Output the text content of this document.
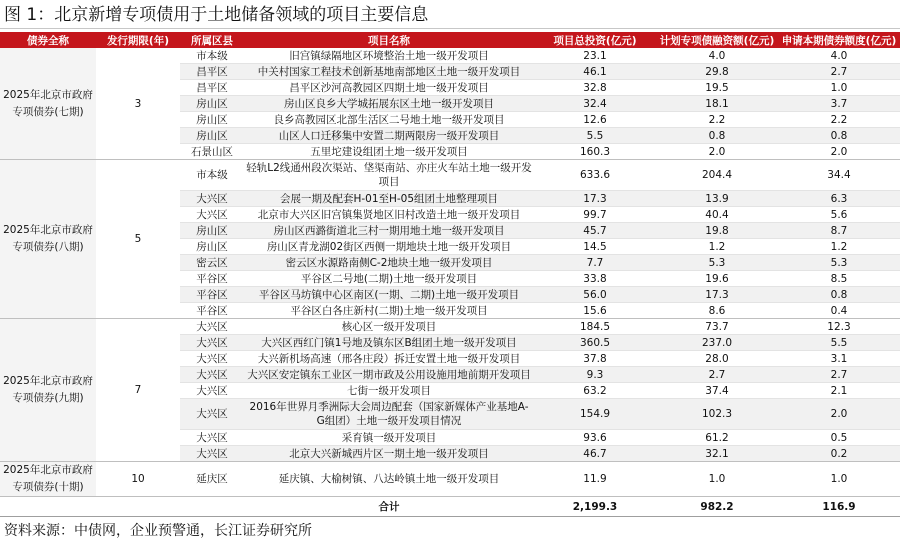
图 1：北京新增专项债用于土地储备领域的项目主要信息
债券全称	发行期限(年)	所属区县	项目名称	项目总投资(亿元)	计划专项债融资额(亿元)	申请本期债券额度(亿元)
2025年北京市政府专项债券(七期)	3	市本级	旧宫镇绿隔地区环境整治土地一级开发项目	23.1	4.0	4.0
		昌平区	中关村国家工程技术创新基地南部地区土地一级开发项目	46.1	29.8	2.7
		昌平区	昌平区沙河高教园区四期土地一级开发项目	32.8	19.5	1.0
		房山区	房山区良乡大学城拓展东区土地一级开发项目	32.4	18.1	3.7
		房山区	良乡高教园区北部生活区二号地土地一级开发项目	12.6	2.2	2.2
		房山区	山区人口迁移集中安置二期两限房一级开发项目	5.5	0.8	0.8
		石景山区	五里坨建设组团土地一级开发项目	160.3	2.0	2.0
2025年北京市政府专项债券(八期)	5	市本级	轻轨L2线通州段次渠站、垡渠南站、亦庄火车站土地一级开发项目	633.6	204.4	34.4
		大兴区	会展一期及配套H-01至H-05组团土地整理项目	17.3	13.9	6.3
		大兴区	北京市大兴区旧宫镇集贤地区旧村改造土地一级开发项目	99.7	40.4	5.6
		房山区	房山区西潞街道北三村一期用地土地一级开发项目	45.7	19.8	8.7
		房山区	房山区青龙湖02街区西侧一期地块土地一级开发项目	14.5	1.2	1.2
		密云区	密云区水源路南侧C-2地块土地一级开发项目	7.7	5.3	5.3
		平谷区	平谷区二号地(二期)土地一级开发项目	33.8	19.6	8.5
		平谷区	平谷区马坊镇中心区南区(一期、二期)土地一级开发项目	56.0	17.3	0.8
		平谷区	平谷区白各庄新村(二期)土地一级开发项目	15.6	8.6	0.4
2025年北京市政府专项债券(九期)	7	大兴区	核心区一级开发项目	184.5	73.7	12.3
		大兴区	大兴区西红门镇1号地及镇东区B组团土地一级开发项目	360.5	237.0	5.5
		大兴区	大兴新机场高速（邢各庄段）拆迁安置土地一级开发项目	37.8	28.0	3.1
		大兴区	大兴区安定镇东工业区一期市政及公用设施用地前期开发项目	9.3	2.7	2.7
		大兴区	七街一级开发项目	63.2	37.4	2.1
		大兴区	2016年世界月季洲际大会周边配套（国家新媒体产业基地A-G组团）土地一级开发项目情况	154.9	102.3	2.0
		大兴区	采育镇一级开发项目	93.6	61.2	0.5
		大兴区	北京大兴新城西片区一期土地一级开发项目	46.7	32.1	0.2
2025年北京市政府专项债券(十期)	10	延庆区	延庆镇、大榆树镇、八达岭镇土地一级开发项目	11.9	1.0	1.0
			合计	2,199.3	982.2	116.9
资料来源：中债网，企业预警通，长江证券研究所
